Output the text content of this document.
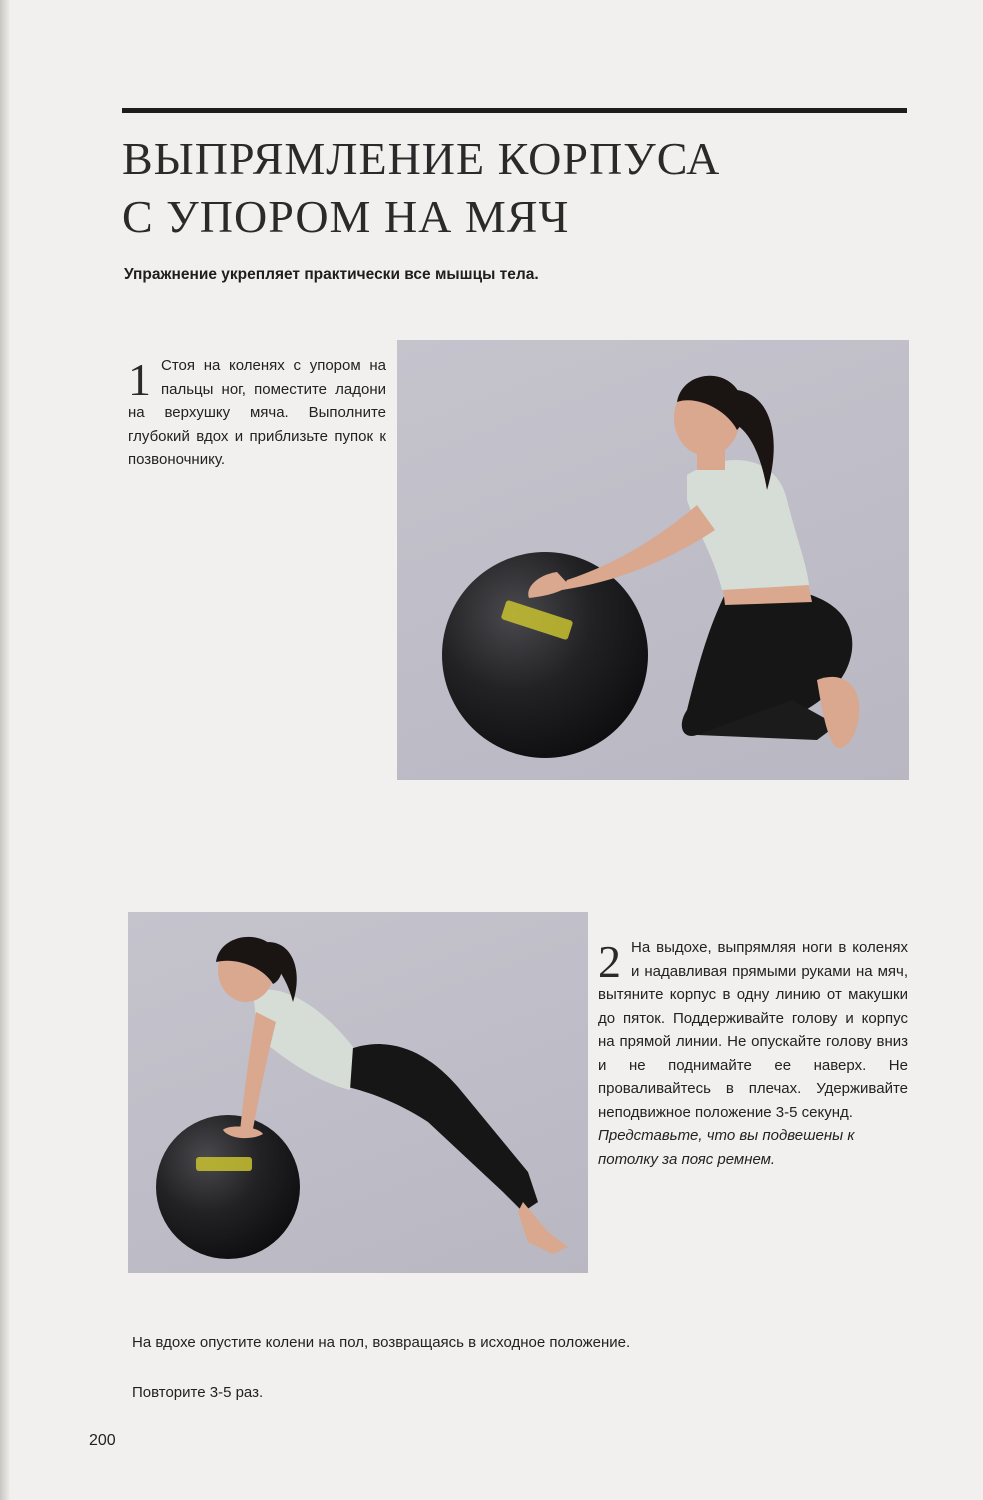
ВЫПРЯМЛЕНИЕ КОРПУСА
С УПОРОМ НА МЯЧ
Упражнение укрепляет практически все мышцы тела.
1 Стоя на коленях с упором на пальцы ног, поместите ладони на верхушку мяча. Выполните глубокий вдох и приблизьте пупок к позвоночнику.

2 На выдохе, выпрямляя ноги в коленях и надавливая прямыми руками на мяч, вытяните корпус в одну линию от макушки до пяток. Поддерживайте голову и корпус на прямой линии. Не опускайте голову вниз и не поднимайте ее наверх. Не проваливайтесь в плечах. Удерживайте неподвижное положение 3-5 секунд.

Представьте, что вы подвешены к потолку за пояс ремнем.

На вдохе опустите колени на пол, возвращаясь в исходное положение.
Повторите 3-5 раз.
200
